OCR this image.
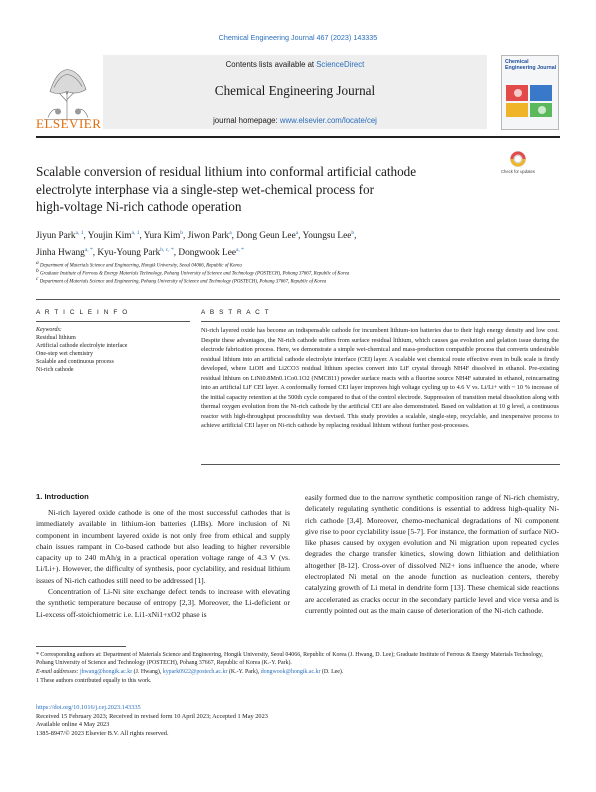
Chemical Engineering Journal 467 (2023) 143335
ELSEVIER
Contents lists available at ScienceDirect
Chemical Engineering Journal
journal homepage: www.elsevier.com/locate/cej
Chemical Engineering Journal
Scalable conversion of residual lithium into conformal artificial cathode
electrolyte interphase via a single-step wet-chemical process for
high-voltage Ni-rich cathode operation
Check for updates
Jiyun Park$^{a, 1}$, Youjin Kim$^{a, 1}$, Yura Kim$^b$, Jiwon Park$^a$, Dong Geun Lee$^a$, Youngsu Lee$^b$,
Jinha Hwang$^{a, *}$, Kyu-Young Park$^{b, c, *}$, Dongwook Lee$^{a, *}$
a Department of Materials Science and Engineering, Hongik University, Seoul 04066, Republic of Korea
b Graduate Institute of Ferrous & Energy Materials Technology, Pohang University of Science and Technology (POSTECH), Pohang 37667, Republic of Korea
c Department of Materials Science and Engineering, Pohang University of Science and Technology (POSTECH), Pohang 37667, Republic of Korea
A R T I C L E I N F O	A B S T R A C T
Keywords:
Residual lithium
Artificial cathode electrolyte interface
One-step wet chemistry
Scalable and continuous process
Ni-rich cathode
Ni-rich layered oxide has become an indispensable cathode for incumbent lithium-ion batteries due to their high energy density and low cost. Despite these advantages, the Ni-rich cathode suffers from surface residual lithium, which causes gas evolution and gelation issue during the electrode fabrication process. Here, we demonstrate a simple wet-chemical and mass-production compatible process that converts undesirable residual lithium into an artificial cathode electrolyte interface (CEI) layer. A scalable wet chemical route effective even in bulk scale is firstly developed, where LiOH and Li2CO3 residual lithium species convert into LiF crystal through NH4F dissolved in ethanol. Pre-existing residual lithium on LiNi0.8Mn0.1Co0.1O2 (NMC811) powder surface reacts with a fluorine source NH4F saturated in ethanol, reincarnating into an artificial LiF CEI layer. A conformally formed CEI layer improves high voltage cycling up to 4.6 V vs. Li/Li+ with ~ 10 % increase of the initial capacity retention at the 500th cycle compared to that of the control electrode. Suppression of transition metal dissolution along with thermal oxygen evolution from the Ni-rich cathode by the artificial CEI are also demonstrated. Based on validation at 10 g level, a continuous reactor with high-throughput processibility was devised. This study provides a scalable, single-step, recyclable, and inexpensive process to achieve artificial CEI layer on Ni-rich cathode by replacing residual lithium without further post-processes.
1. Introduction

Ni-rich layered oxide cathode is one of the most successful cathodes that is immediately available in lithium-ion batteries (LIBs). More inclusion of Ni component in incumbent layered oxide is not only free from ethical and supply chain issues rampant in Co-based cathode but also leading to higher reversible capacity up to 240 mAh/g in a practical operation voltage range of 4.3 V (vs. Li/Li+). However, the difficulty of synthesis, poor cyclability, and residual lithium issues of Ni-rich cathodes still need to be addressed [1].

Concentration of Li-Ni site exchange defect tends to increase with elevating the synthetic temperature because of entropy [2,3]. Moreover, the Li-deficient or Li-excess off-stoichiometric i.e. Li1-xNi1+xO2 phase is

easily formed due to the narrow synthetic composition range of Ni-rich chemistry, delicately regulating synthetic conditions is essential to address high-quality Ni-rich cathode [3,4]. Moreover, chemo-mechanical degradations of Ni component give rise to poor cyclability issue [5-7]. For instance, the formation of surface NiO-like phases caused by oxygen evolution and Ni migration upon repeated cycles degrades the charge transfer kinetics, slowing down lithiation and delithiation altogether [8-12]. Cross-over of dissolved Ni2+ ions influence the anode, where electroplated Ni metal on the anode function as nucleation centers, thereby catalyzing growth of Li metal in dendrite form [13]. These chemical side reactions are accelerated as cracks occur in the secondary particle level and vice versa and is currently pointed out as the main cause of deterioration of the Ni-rich cathode.

* Corresponding authors at: Department of Materials Science and Engineering, Hongik University, Seoul 04066, Republic of Korea (J. Hwang, D. Lee); Graduate Institute of Ferrous & Energy Materials Technology, Pohang University of Science and Technology (POSTECH), Pohang 37667, Republic of Korea (K.-Y. Park).
E-mail addresses: jhwang@hongik.ac.kr (J. Hwang), kypark0922@postech.ac.kr (K.-Y. Park), dongwook@hongik.ac.kr (D. Lee).
1 These authors contributed equally to this work.
https://doi.org/10.1016/j.cej.2023.143335
Received 15 February 2023; Received in revised form 10 April 2023; Accepted 1 May 2023
Available online 4 May 2023
1385-8947/© 2023 Elsevier B.V. All rights reserved.
